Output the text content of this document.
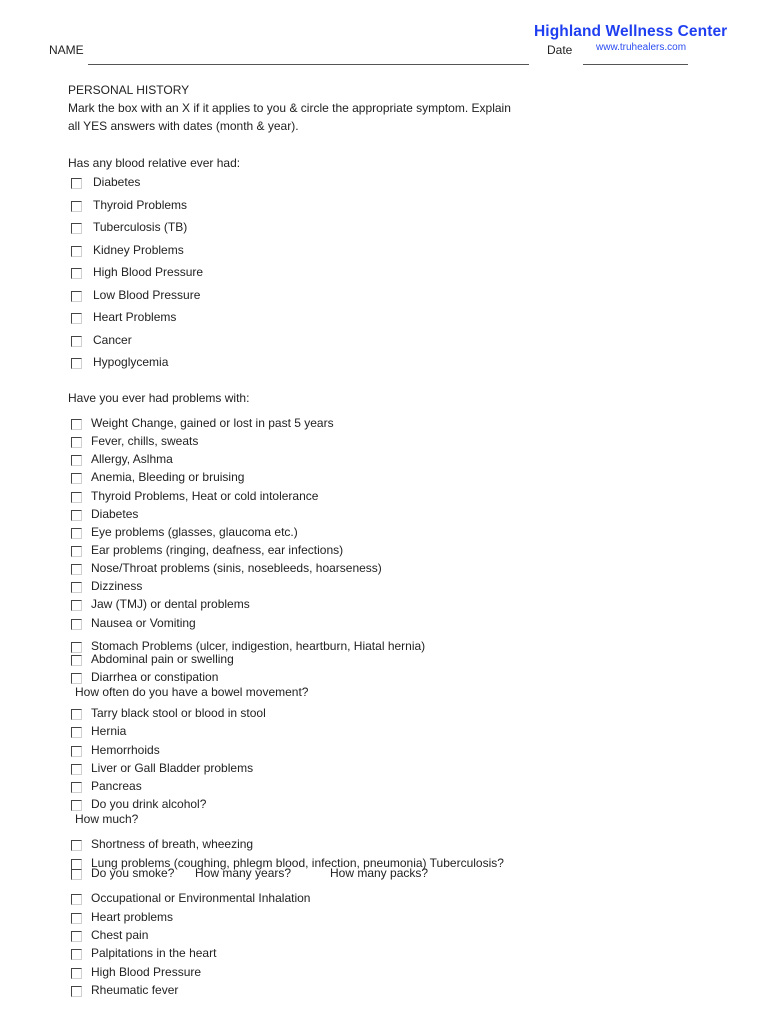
Highland Wellness Center
www.truhealers.com
NAME	Date
PERSONAL HISTORY
Mark the box with an X if it applies to you & circle the appropriate symptom. Explain
all YES answers with dates (month & year).
Has any blood relative ever had:
Diabetes
Thyroid Problems
Tuberculosis (TB)
Kidney Problems
High Blood Pressure
Low Blood Pressure
Heart Problems
Cancer
Hypoglycemia
Have you ever had problems with:
Weight Change, gained or lost in past 5 years
Fever, chills, sweats
Allergy, Aslhma
Anemia, Bleeding or bruising
Thyroid Problems, Heat or cold intolerance
Diabetes
Eye problems (glasses, glaucoma etc.)
Ear problems (ringing, deafness, ear infections)
Nose/Throat problems (sinis, nosebleeds, hoarseness)
Dizziness
Jaw (TMJ) or dental problems
Nausea or Vomiting
Stomach Problems (ulcer, indigestion, heartburn, Hiatal hernia)
Abdominal pain or swelling
Diarrhea or constipation
How often do you have a bowel movement?
Tarry black stool or blood in stool
Hernia
Hemorrhoids
Liver or Gall Bladder problems
Pancreas
Do you drink alcohol?
How much?
Shortness of breath, wheezing
Lung problems (coughing, phlegm blood, infection, pneumonia) Tuberculosis?
Do you smoke? How many years?	How many packs?
Occupational or Environmental Inhalation
Heart problems
Chest pain
Palpitations in the heart
High Blood Pressure
Rheumatic fever
